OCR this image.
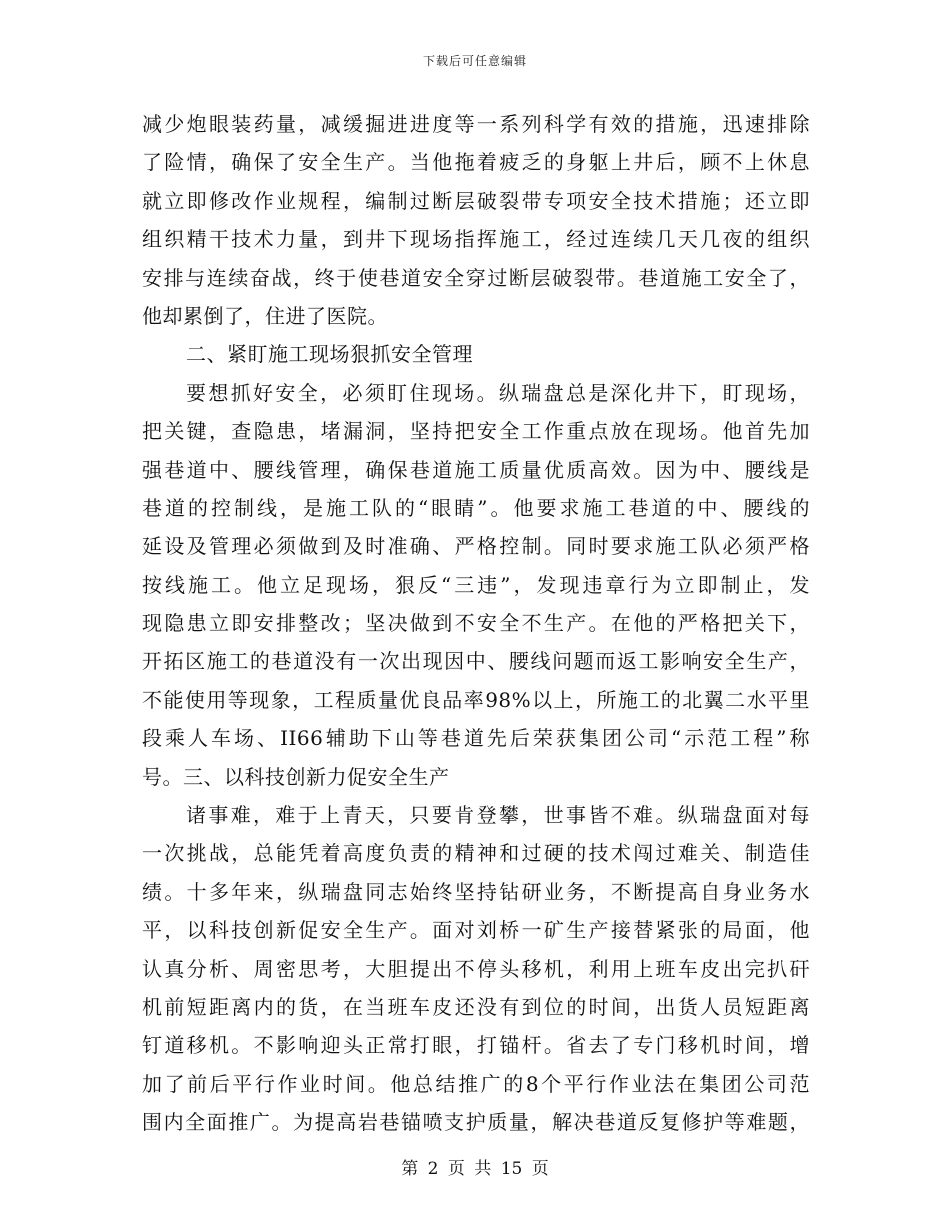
下载后可任意编辑
减少炮眼装药量，减缓掘进进度等一系列科学有效的措施，迅速排除
了险情，确保了安全生产。当他拖着疲乏的身躯上井后，顾不上休息
就立即修改作业规程，编制过断层破裂带专项安全技术措施；还立即
组织精干技术力量，到井下现场指挥施工，经过连续几天几夜的组织
安排与连续奋战，终于使巷道安全穿过断层破裂带。巷道施工安全了，
他却累倒了，住进了医院。
二、紧盯施工现场狠抓安全管理
要想抓好安全，必须盯住现场。纵瑞盘总是深化井下，盯现场，
把关键，查隐患，堵漏洞，坚持把安全工作重点放在现场。他首先加
强巷道中、腰线管理，确保巷道施工质量优质高效。因为中、腰线是
巷道的控制线，是施工队的“眼睛”。他要求施工巷道的中、腰线的
延设及管理必须做到及时准确、严格控制。同时要求施工队必须严格
按线施工。他立足现场，狠反“三违”，发现违章行为立即制止，发
现隐患立即安排整改；坚决做到不安全不生产。在他的严格把关下，
开拓区施工的巷道没有一次出现因中、腰线问题而返工影响安全生产，
不能使用等现象，工程质量优良品率98%以上，所施工的北翼二水平里
段乘人车场、II66辅助下山等巷道先后荣获集团公司“示范工程”称
号。三、以科技创新力促安全生产
诸事难，难于上青天，只要肯登攀，世事皆不难。纵瑞盘面对每
一次挑战，总能凭着高度负责的精神和过硬的技术闯过难关、制造佳
绩。十多年来，纵瑞盘同志始终坚持钻研业务，不断提高自身业务水
平，以科技创新促安全生产。面对刘桥一矿生产接替紧张的局面，他
认真分析、周密思考，大胆提出不停头移机，利用上班车皮出完扒矸
机前短距离内的货，在当班车皮还没有到位的时间，出货人员短距离
钉道移机。不影响迎头正常打眼，打锚杆。省去了专门移机时间，增
加了前后平行作业时间。他总结推广的8个平行作业法在集团公司范
围内全面推广。为提高岩巷锚喷支护质量，解决巷道反复修护等难题，
第 2 页 共 15 页
